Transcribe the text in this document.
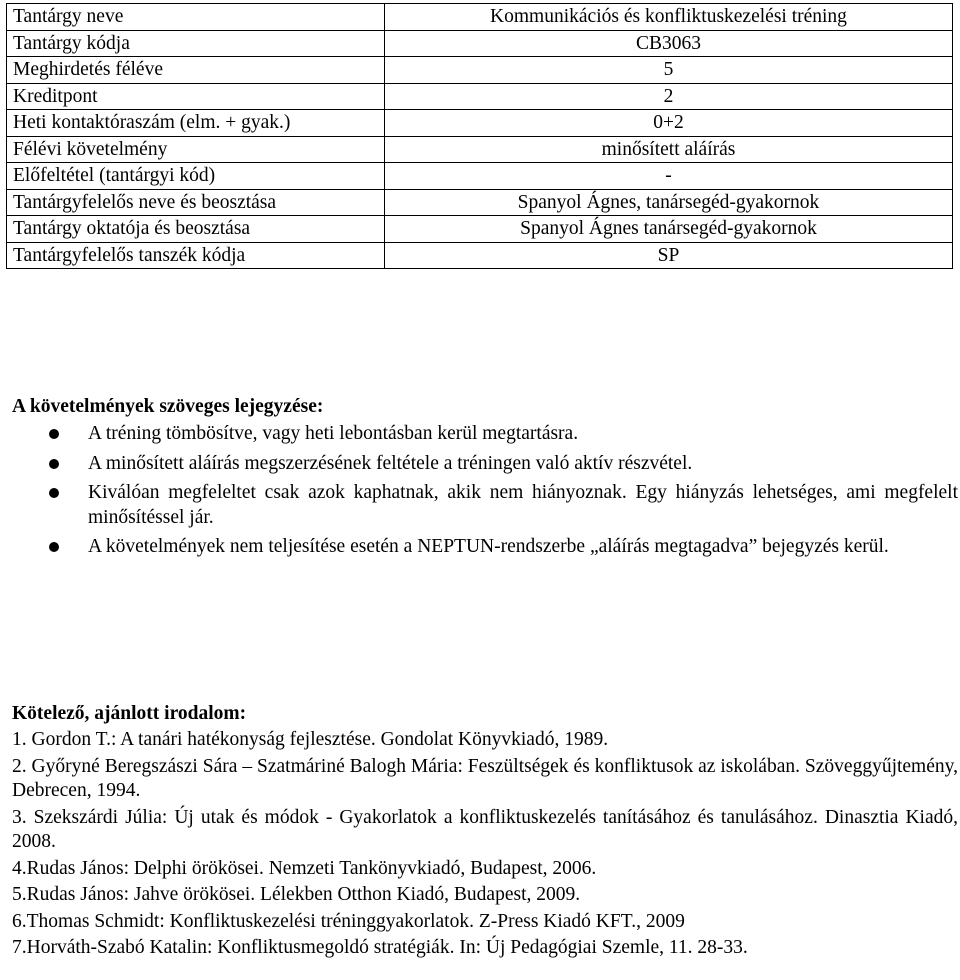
Tantárgy neve	Kommunikációs és konfliktuskezelési tréning
Tantárgy kódja	CB3063
Meghirdetés féléve	5
Kreditpont	2
Heti kontaktóraszám (elm. + gyak.)	0+2
Félévi követelmény	minősített aláírás
Előfeltétel (tantárgyi kód)	-
Tantárgyfelelős neve és beosztása	Spanyol Ágnes, tanársegéd-gyakornok
Tantárgy oktatója és beosztása	Spanyol Ágnes tanársegéd-gyakornok
Tantárgyfelelős tanszék kódja	SP
A követelmények szöveges lejegyzése:
A tréning tömbösítve, vagy heti lebontásban kerül megtartásra.
A minősített aláírás megszerzésének feltétele a tréningen való aktív részvétel.
Kiválóan megfeleltet csak azok kaphatnak, akik nem hiányoznak. Egy hiányzás lehetséges, ami megfelelt minősítéssel jár.
A követelmények nem teljesítése esetén a NEPTUN-rendszerbe „aláírás megtagadva” bejegyzés kerül.
Kötelező, ajánlott irodalom:
1. Gordon T.: A tanári hatékonyság fejlesztése. Gondolat Könyvkiadó, 1989.
2. Győryné Beregszászi Sára – Szatmáriné Balogh Mária: Feszültségek és konfliktusok az iskolában. Szöveggyűjtemény, Debrecen, 1994.
3. Szekszárdi Júlia: Új utak és módok - Gyakorlatok a konfliktuskezelés tanításához és tanulásához. Dinasztia Kiadó, 2008.
4.Rudas János: Delphi örökösei. Nemzeti Tankönyvkiadó, Budapest, 2006.
5.Rudas János: Jahve örökösei. Lélekben Otthon Kiadó, Budapest, 2009.
6.Thomas Schmidt: Konfliktuskezelési tréninggyakorlatok. Z-Press Kiadó KFT., 2009
7.Horváth-Szabó Katalin: Konfliktusmegoldó stratégiák. In: Új Pedagógiai Szemle, 11. 28-33.
